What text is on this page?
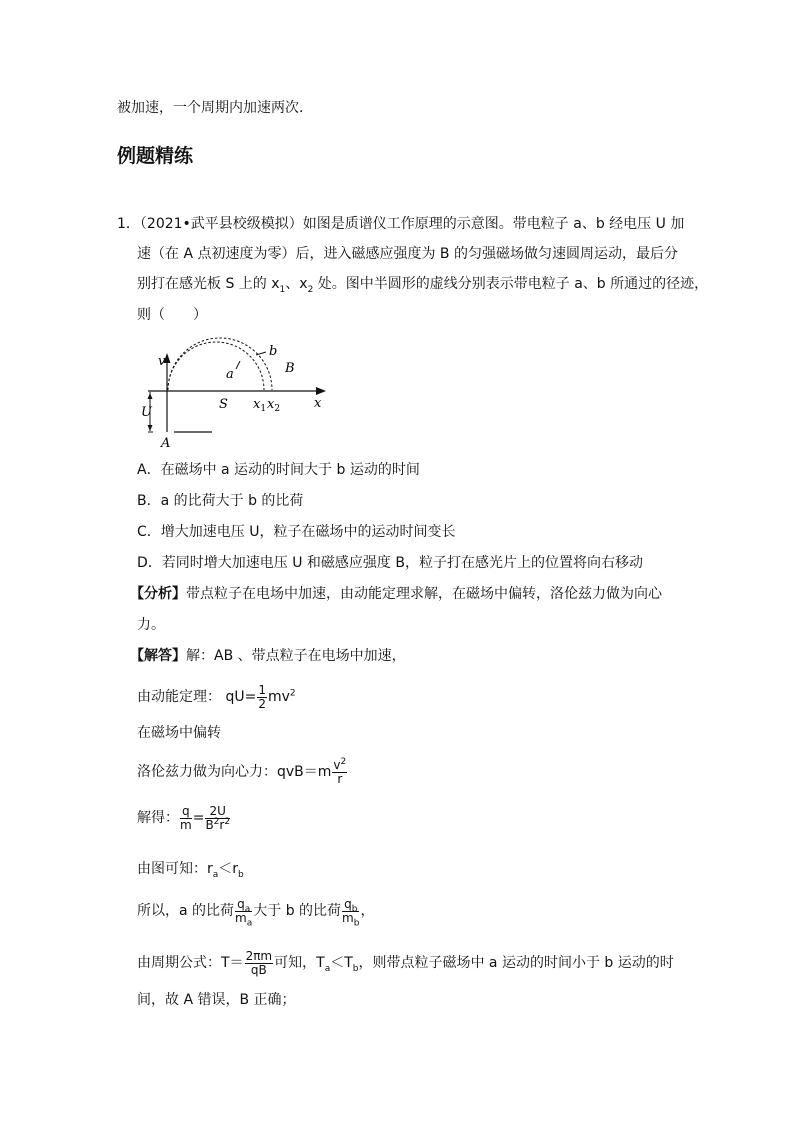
被加速，一个周期内加速两次．
例题精练
1．（2021•武平县校级模拟）如图是质谱仪工作原理的示意图。带电粒子 a、b 经电压 U 加
速（在 A 点初速度为零）后，进入磁感应强度为 B 的匀强磁场做匀速圆周运动，最后分
别打在感光板 S 上的 $x_1$、$x_2$ 处。图中半圆形的虚线分别表示带电粒子 a、b 所通过的径迹，
则（　　）
v
b
a	B
U
S	x
$x_1$ $x_2$
A
A．在磁场中 a 运动的时间大于 b 运动的时间
B．a 的比荷大于 b 的比荷
C．增大加速电压 U，粒子在磁场中的运动时间变长
D．若同时增大加速电压 U 和磁感应强度 B，粒子打在感光片上的位置将向右移动
【分析】带点粒子在电场中加速，由动能定理求解，在磁场中偏转，洛伦兹力做为向心
力。
【解答】解：AB 、带点粒子在电场中加速，
由动能定理： $qU= \frac{1}{2} mv^2$
在磁场中偏转
洛伦兹力做为向心力：$qvB=m \frac{v^2}{r}$
解得： $\frac{q}{m} = \frac{2U}{B^2r^2}$
由图可知：$r_a<r_b$
所以，a 的比荷 $\frac{q_a}{m_a}$ 大于 b 的比荷 $\frac{q_b}{m_b}$ ，
由周期公式：$T= \frac{2\pi m}{qB}$ 可知，$T_a<T_b$，则带点粒子磁场中 a 运动的时间小于 b 运动的时
间，故 A 错误，B 正确；
